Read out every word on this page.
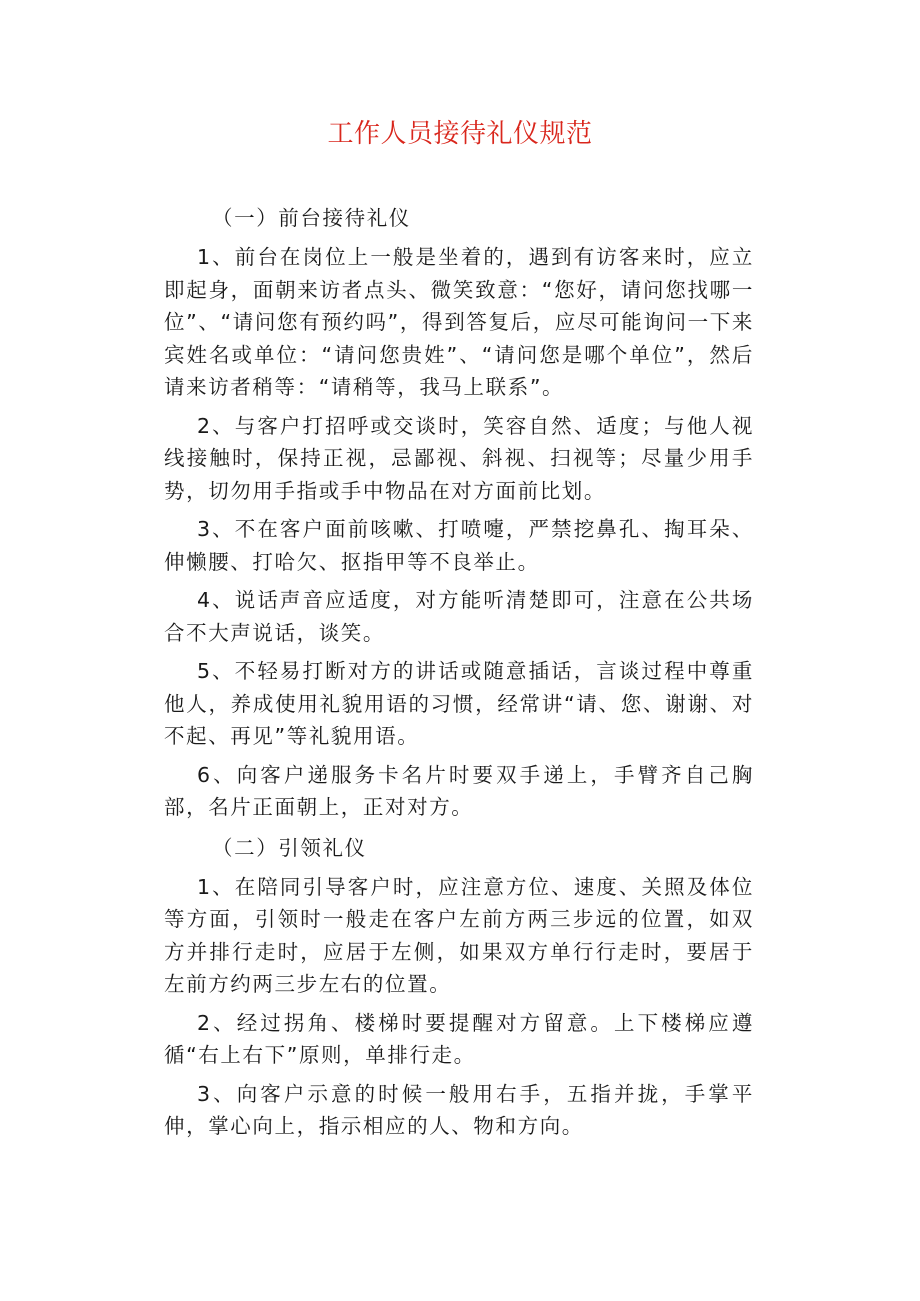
工作人员接待礼仪规范
（一）前台接待礼仪

1、前台在岗位上一般是坐着的，遇到有访客来时，应立即起身，面朝来访者点头、微笑致意：“您好，请问您找哪一位”、“请问您有预约吗”，得到答复后，应尽可能询问一下来宾姓名或单位：“请问您贵姓”、“请问您是哪个单位”，然后请来访者稍等：“请稍等，我马上联系”。

2、与客户打招呼或交谈时，笑容自然、适度；与他人视线接触时，保持正视，忌鄙视、斜视、扫视等；尽量少用手势，切勿用手指或手中物品在对方面前比划。

3、不在客户面前咳嗽、打喷嚏，严禁挖鼻孔、掏耳朵、伸懒腰、打哈欠、抠指甲等不良举止。

4、说话声音应适度，对方能听清楚即可，注意在公共场合不大声说话，谈笑。

5、不轻易打断对方的讲话或随意插话，言谈过程中尊重他人，养成使用礼貌用语的习惯，经常讲“请、您、谢谢、对不起、再见”等礼貌用语。

6、向客户递服务卡名片时要双手递上，手臂齐自己胸部，名片正面朝上，正对对方。

（二）引领礼仪

1、在陪同引导客户时，应注意方位、速度、关照及体位等方面，引领时一般走在客户左前方两三步远的位置，如双方并排行走时，应居于左侧，如果双方单行行走时，要居于左前方约两三步左右的位置。

2、经过拐角、楼梯时要提醒对方留意。上下楼梯应遵循“右上右下”原则，单排行走。

3、向客户示意的时候一般用右手，五指并拢，手掌平伸，掌心向上，指示相应的人、物和方向。
